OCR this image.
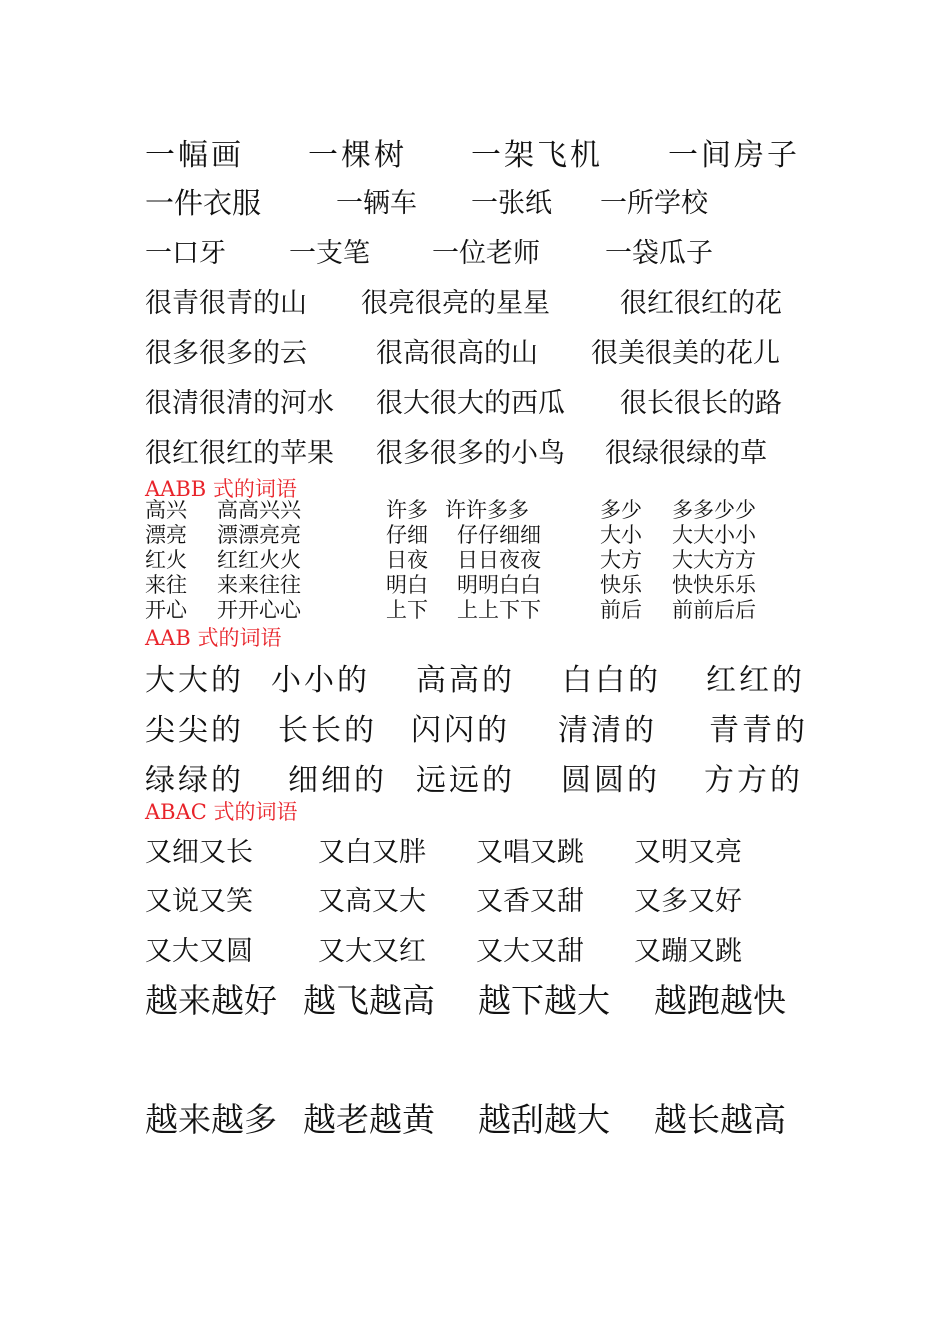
一幅画 一棵树 一架飞机 一间房子
一件衣服	一辆车 一张纸 一所学校
一口牙 一支笔 一位老师 一袋瓜子
很青很青的山 很亮很亮的星星	很红很红的花
很多很多的云	很高很高的山 很美很美的花儿
很清很清的河水 很大很大的西瓜 很长很长的路
很红很红的苹果 很多很多的小鸟 很绿很绿的草
AABB 式的词语
高兴 高高兴兴	许多 许许多多	多少 多多少少
漂亮 漂漂亮亮	仔细 仔仔细细	大小 大大小小
红火 红红火火	日夜 日日夜夜	大方 大大方方
来往 来来往往	明白 明明白白	快乐 快快乐乐
开心 开开心心	上下 上上下下	前后 前前后后
AAB 式的词语
大大的 小小的 高高的 白白的 红红的
尖尖的 长长的 闪闪的 清清的 青青的
绿绿的 细细的 远远的 圆圆的 方方的
ABAC 式的词语
又细又长 又白又胖 又唱又跳 又明又亮
又说又笑 又高又大 又香又甜 又多又好
又大又圆 又大又红 又大又甜 又蹦又跳
越来越好 越飞越高 越下越大 越跑越快
越来越多 越老越黄 越刮越大 越长越高
